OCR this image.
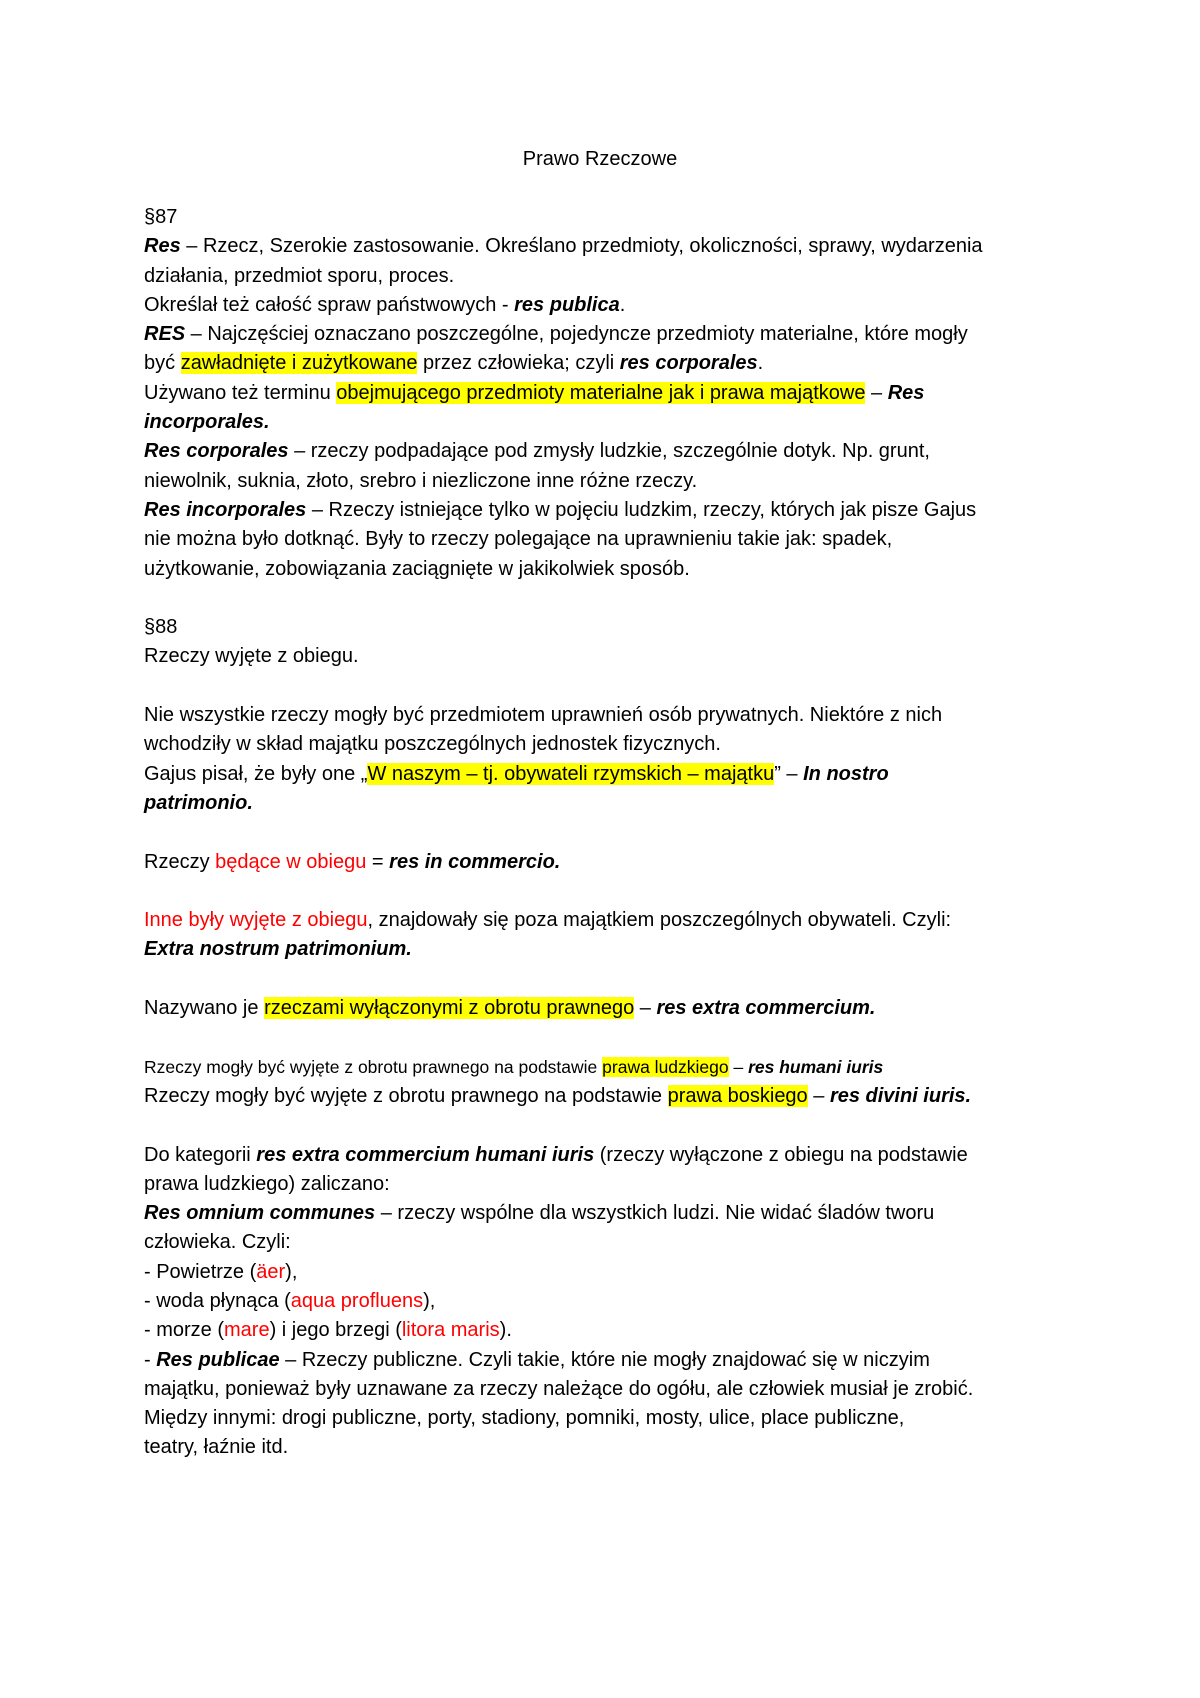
Prawo Rzeczowe
§87
Res – Rzecz, Szerokie zastosowanie. Określano przedmioty, okoliczności, sprawy, wydarzenia
działania, przedmiot sporu, proces.
Określał też całość spraw państwowych - res publica.
RES – Najczęściej oznaczano poszczególne, pojedyncze przedmioty materialne, które mogły
być zawładnięte i zużytkowane przez człowieka; czyli res corporales.
Używano też terminu obejmującego przedmioty materialne jak i prawa majątkowe – Res
incorporales.
Res corporales – rzeczy podpadające pod zmysły ludzkie, szczególnie dotyk. Np. grunt,
niewolnik, suknia, złoto, srebro i niezliczone inne różne rzeczy.
Res incorporales – Rzeczy istniejące tylko w pojęciu ludzkim, rzeczy, których jak pisze Gajus
nie można było dotknąć. Były to rzeczy polegające na uprawnieniu takie jak: spadek,
użytkowanie, zobowiązania zaciągnięte w jakikolwiek sposób.
§88
Rzeczy wyjęte z obiegu.
Nie wszystkie rzeczy mogły być przedmiotem uprawnień osób prywatnych. Niektóre z nich
wchodziły w skład majątku poszczególnych jednostek fizycznych.
Gajus pisał, że były one „W naszym – tj. obywateli rzymskich – majątku” – In nostro
patrimonio.
Rzeczy będące w obiegu = res in commercio.
Inne były wyjęte z obiegu, znajdowały się poza majątkiem poszczególnych obywateli. Czyli:
Extra nostrum patrimonium.
Nazywano je rzeczami wyłączonymi z obrotu prawnego – res extra commercium.
Rzeczy mogły być wyjęte z obrotu prawnego na podstawie prawa ludzkiego – res humani iuris
Rzeczy mogły być wyjęte z obrotu prawnego na podstawie prawa boskiego – res divini iuris.
Do kategorii res extra commercium humani iuris (rzeczy wyłączone z obiegu na podstawie
prawa ludzkiego) zaliczano:
Res omnium communes – rzeczy wspólne dla wszystkich ludzi. Nie widać śladów tworu
człowieka. Czyli:
- Powietrze (äer),
- woda płynąca (aqua profluens),
- morze (mare) i jego brzegi (litora maris).
- Res publicae – Rzeczy publiczne. Czyli takie, które nie mogły znajdować się w niczyim
majątku, ponieważ były uznawane za rzeczy należące do ogółu, ale człowiek musiał je zrobić.
Między innymi: drogi publiczne, porty, stadiony, pomniki, mosty, ulice, place publiczne,
teatry, łaźnie itd.
